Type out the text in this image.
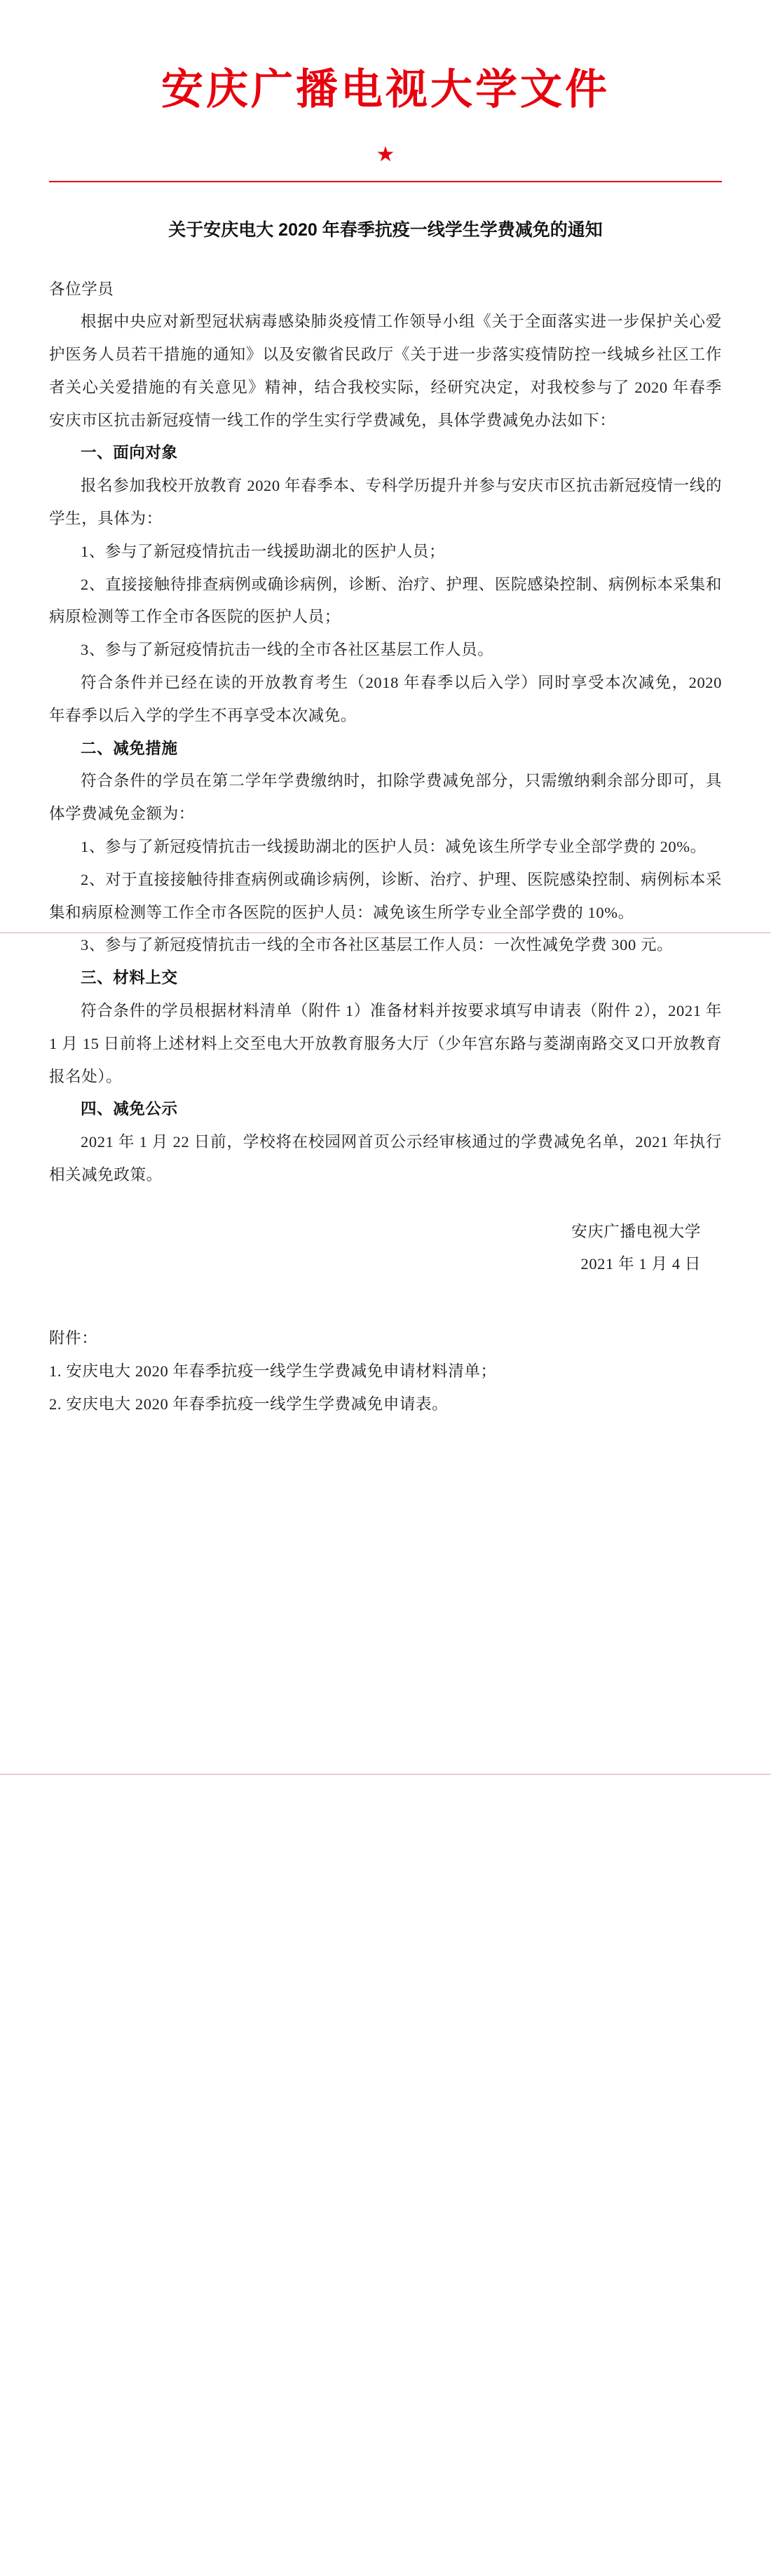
安庆广播电视大学文件
★
关于安庆电大 2020 年春季抗疫一线学生学费减免的通知

各位学员

根据中央应对新型冠状病毒感染肺炎疫情工作领导小组《关于全面落实进一步保护关心爱护医务人员若干措施的通知》以及安徽省民政厅《关于进一步落实疫情防控一线城乡社区工作者关心关爱措施的有关意见》精神，结合我校实际，经研究决定，对我校参与了 2020 年春季安庆市区抗击新冠疫情一线工作的学生实行学费减免，具体学费减免办法如下：

一、面向对象

报名参加我校开放教育 2020 年春季本、专科学历提升并参与安庆市区抗击新冠疫情一线的学生，具体为：

1、参与了新冠疫情抗击一线援助湖北的医护人员；

2、直接接触待排查病例或确诊病例，诊断、治疗、护理、医院感染控制、病例标本采集和病原检测等工作全市各医院的医护人员；

3、参与了新冠疫情抗击一线的全市各社区基层工作人员。

符合条件并已经在读的开放教育考生（2018 年春季以后入学）同时享受本次减免，2020 年春季以后入学的学生不再享受本次减免。

二、减免措施

符合条件的学员在第二学年学费缴纳时，扣除学费减免部分，只需缴纳剩余部分即可，具体学费减免金额为：

1、参与了新冠疫情抗击一线援助湖北的医护人员：减免该生所学专业全部学费的 20%。

2、对于直接接触待排查病例或确诊病例，诊断、治疗、护理、医院感染控制、病例标本采集和病原检测等工作全市各医院的医护人员：减免该生所学专业全部学费的 10%。

3、参与了新冠疫情抗击一线的全市各社区基层工作人员：一次性减免学费 300 元。

三、材料上交

符合条件的学员根据材料清单（附件 1）准备材料并按要求填写申请表（附件 2），2021 年 1 月 15 日前将上述材料上交至电大开放教育服务大厅（少年宫东路与菱湖南路交叉口开放教育报名处）。

四、减免公示

2021 年 1 月 22 日前，学校将在校园网首页公示经审核通过的学费减免名单，2021 年执行相关减免政策。

安庆广播电视大学
2021 年 1 月 4 日

附件：

1. 安庆电大 2020 年春季抗疫一线学生学费减免申请材料清单；

2. 安庆电大 2020 年春季抗疫一线学生学费减免申请表。
